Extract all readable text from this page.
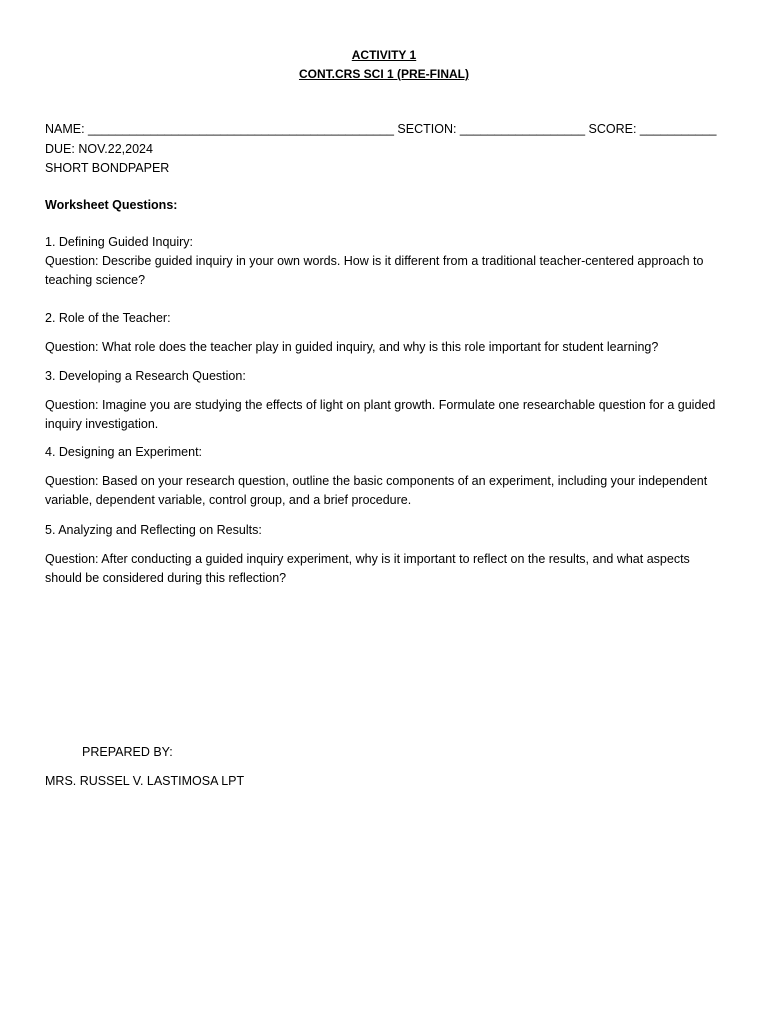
ACTIVITY 1

CONT.CRS SCI 1 (PRE-FINAL)

NAME: ____________________________________________ SECTION: __________________ SCORE: ___________

DUE: NOV.22,2024

SHORT BONDPAPER

Worksheet Questions:

1. Defining Guided Inquiry:

Question: Describe guided inquiry in your own words. How is it different from a traditional teacher-centered approach to teaching science?

2. Role of the Teacher:

Question: What role does the teacher play in guided inquiry, and why is this role important for student learning?

3. Developing a Research Question:

Question: Imagine you are studying the effects of light on plant growth. Formulate one researchable question for a guided inquiry investigation.

4. Designing an Experiment:

Question: Based on your research question, outline the basic components of an experiment, including your independent variable, dependent variable, control group, and a brief procedure.

5. Analyzing and Reflecting on Results:

Question: After conducting a guided inquiry experiment, why is it important to reflect on the results, and what aspects should be considered during this reflection?

PREPARED BY:

MRS. RUSSEL V. LASTIMOSA LPT
